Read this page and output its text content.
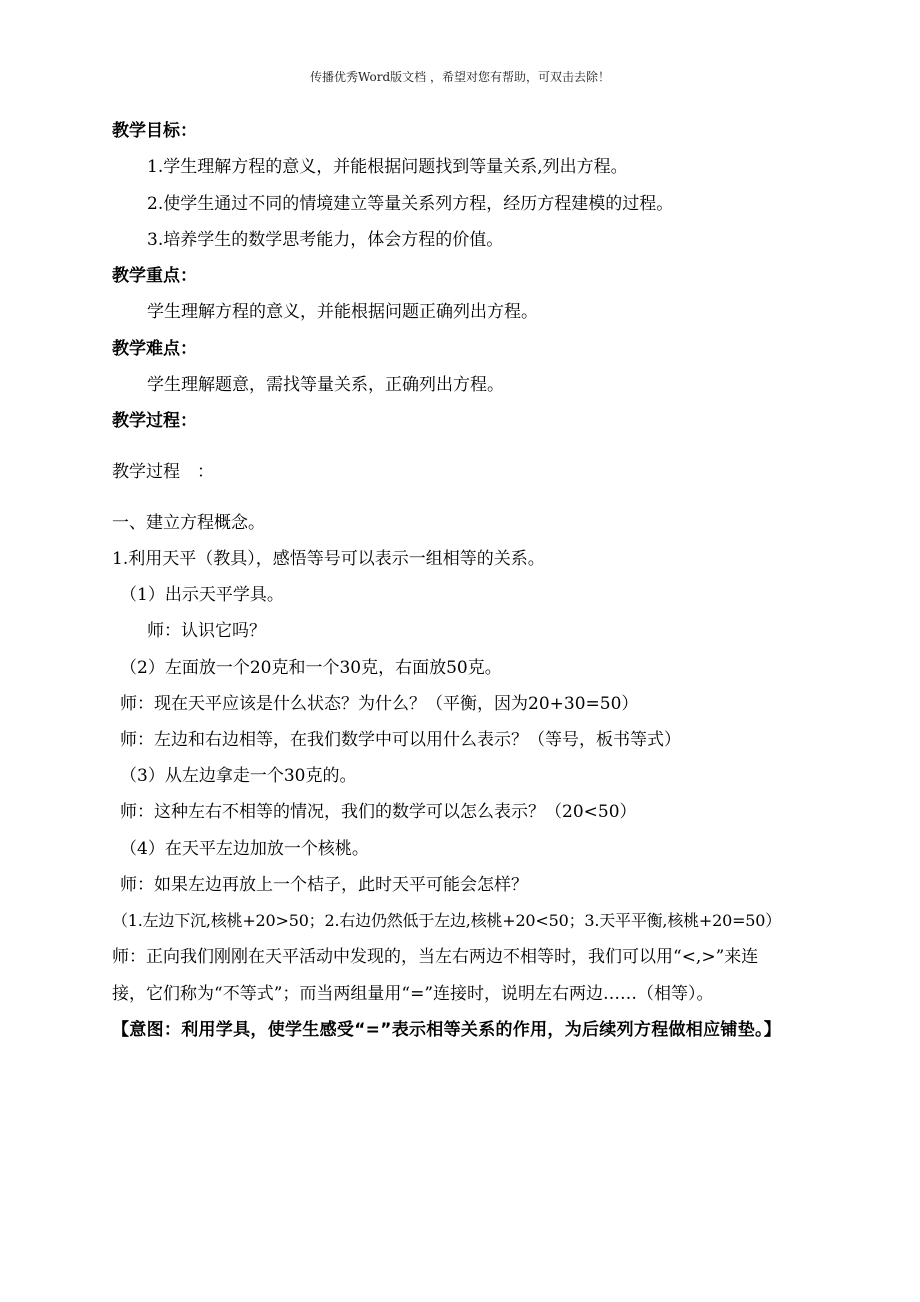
传播优秀Word版文档 ，希望对您有帮助，可双击去除！
教学目标：
1.学生理解方程的意义，并能根据问题找到等量关系,列出方程。
2.使学生通过不同的情境建立等量关系列方程，经历方程建模的过程。
3.培养学生的数学思考能力，体会方程的价值。
教学重点：
学生理解方程的意义，并能根据问题正确列出方程。
教学难点：
学生理解题意，需找等量关系，正确列出方程。
教学过程：
教学过程　：
一、建立方程概念。
1.利用天平（教具），感悟等号可以表示一组相等的关系。
（1）出示天平学具。
师：认识它吗？
（2）左面放一个20克和一个30克，右面放50克。
师：现在天平应该是什么状态？为什么？（平衡，因为20+30=50）
师：左边和右边相等，在我们数学中可以用什么表示？（等号，板书等式）
（3）从左边拿走一个30克的。
师：这种左右不相等的情况，我们的数学可以怎么表示？（20<50）
（4）在天平左边加放一个核桃。
师：如果左边再放上一个桔子，此时天平可能会怎样？
（1.左边下沉,核桃+20>50；2.右边仍然低于左边,核桃+20<50；3.天平平衡,核桃+20=50）
师：正向我们刚刚在天平活动中发现的，当左右两边不相等时，我们可以用“<,>”来连
接，它们称为“不等式”；而当两组量用“=”连接时，说明左右两边……（相等）。
【意图：利用学具，使学生感受“=”表示相等关系的作用，为后续列方程做相应铺垫。】
